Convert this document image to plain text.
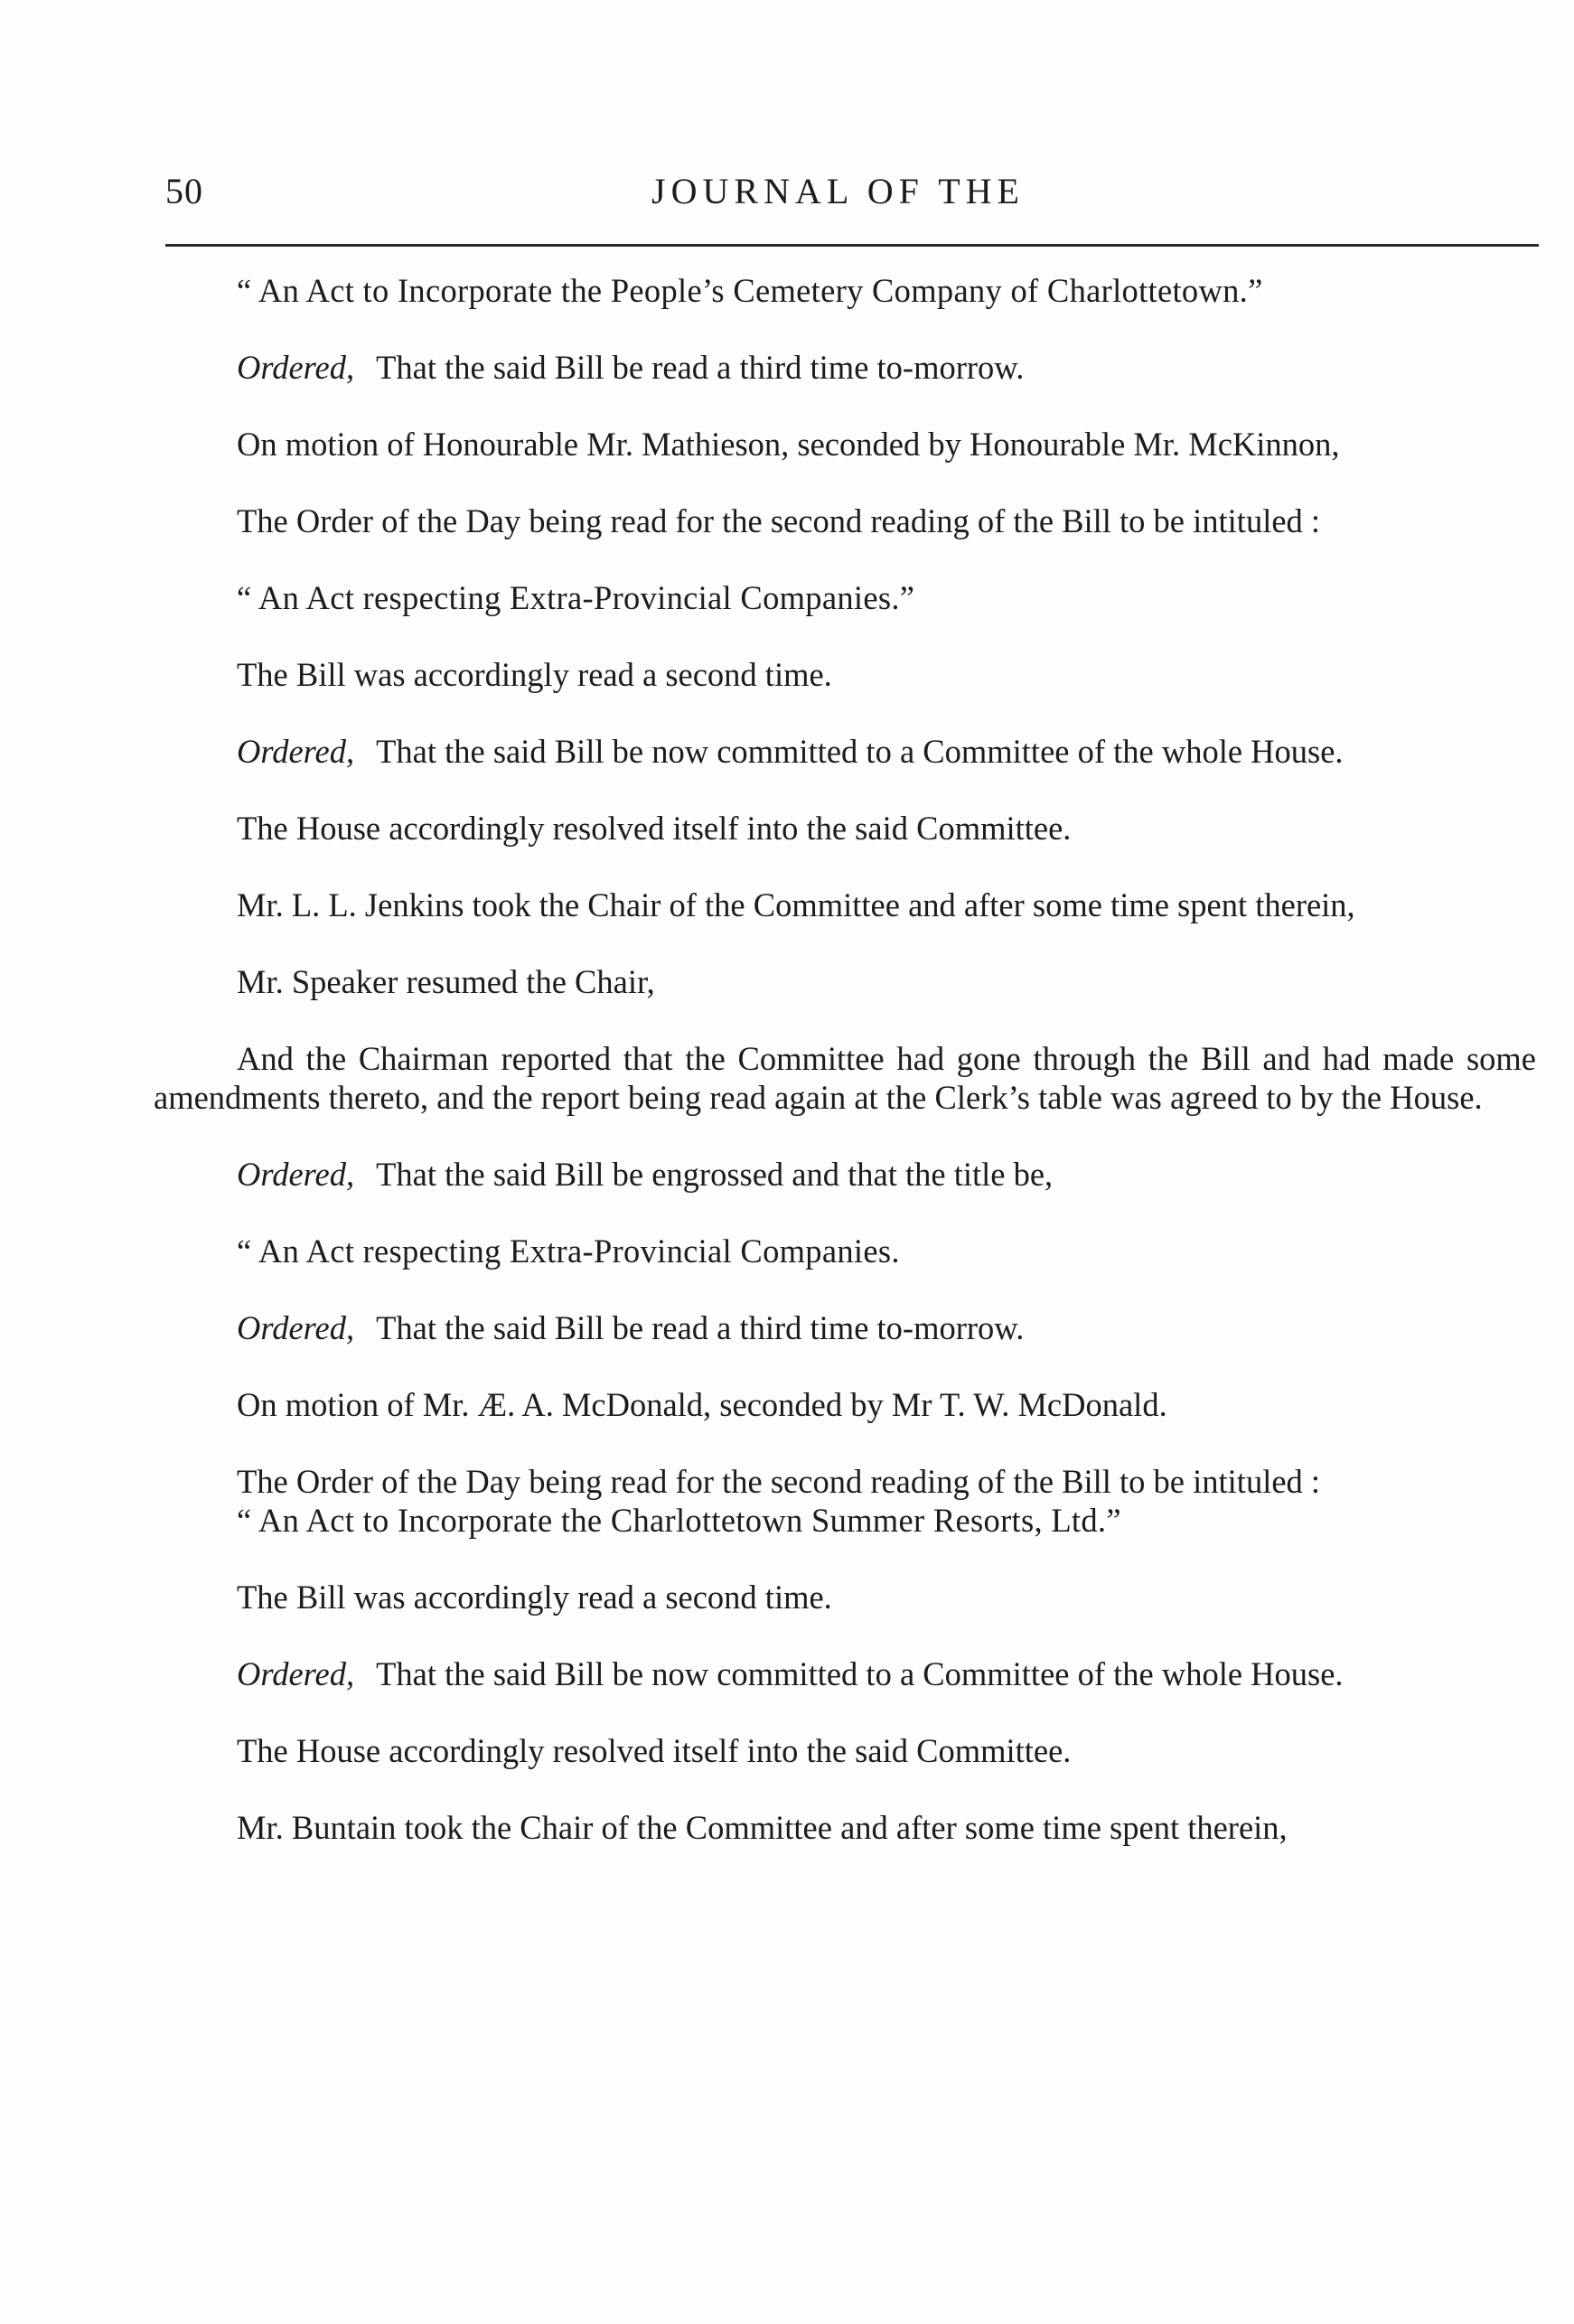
50	JOURNAL OF THE

“ An Act to Incorporate the People’s Cemetery Company of Charlottetown.”

Ordered, That the said Bill be read a third time to-morrow.

On motion of Honourable Mr. Mathieson, seconded by Honourable Mr. McKinnon,

The Order of the Day being read for the second reading of the Bill to be intituled :

“ An Act respecting Extra-Provincial Companies.”

The Bill was accordingly read a second time.

Ordered, That the said Bill be now committed to a Committee of the whole House.

The House accordingly resolved itself into the said Committee.

Mr. L. L. Jenkins took the Chair of the Committee and after some time spent therein,

Mr. Speaker resumed the Chair,

And the Chairman reported that the Committee had gone through the Bill and had made some amendments thereto, and the report being read again at the Clerk’s table was agreed to by the House.

Ordered, That the said Bill be engrossed and that the title be,

“ An Act respecting Extra-Provincial Companies.

Ordered, That the said Bill be read a third time to-morrow.

On motion of Mr. Æ. A. McDonald, seconded by Mr T. W. McDonald.

The Order of the Day being read for the second reading of the Bill to be intituled :

“ An Act to Incorporate the Charlottetown Summer Resorts, Ltd.”

The Bill was accordingly read a second time.

Ordered, That the said Bill be now committed to a Committee of the whole House.

The House accordingly resolved itself into the said Committee.

Mr. Buntain took the Chair of the Committee and after some time spent therein,
